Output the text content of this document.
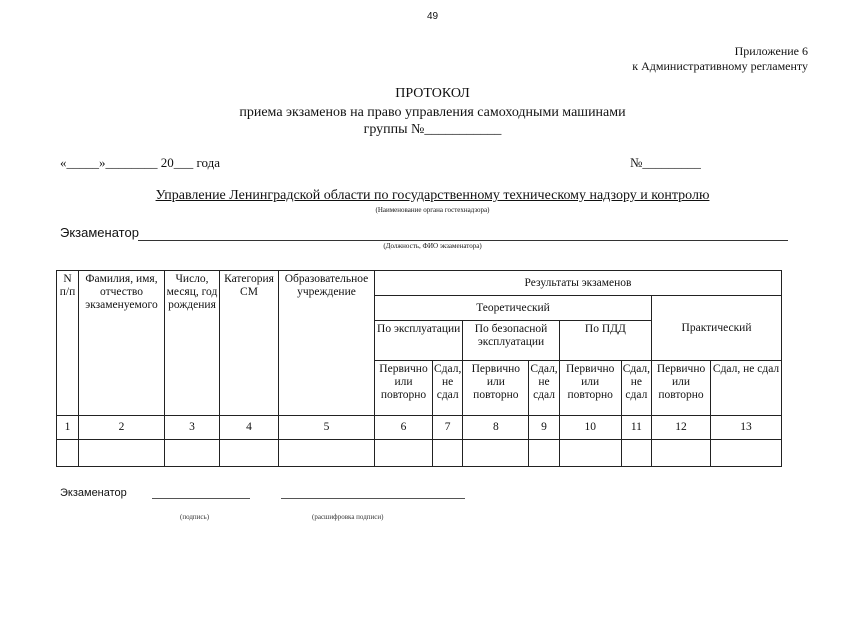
49
Приложение 6
к Административному регламенту
ПРОТОКОЛ
приема экзаменов на право управления самоходными машинами
группы №___________
«_____»________ 20___ года	№_________
Управление Ленинградской области по государственному техническому надзору и контролю
(Наименование органа гостехнадзора)
Экзаменатор
(Должность, ФИО экзаменатора)
N п/п	Фамилия, имя, отчество экзаменуемого	Число, месяц, год рождения	Категория СМ	Образовательное учреждение	Результаты экзаменов							
					Теоретический						Практический	
					По эксплуатации		По безопасной эксплуатации		По ПДД			
					Первично или повторно	Сдал, не сдал	Первично или повторно	Сдал, не сдал	Первично или повторно	Сдал, не сдал	Первично или повторно	Сдал, не сдал
1	2	3	4	5	6	7	8	9	10	11	12	13

Экзаменатор
(подпись)	(расшифровка подписи)
